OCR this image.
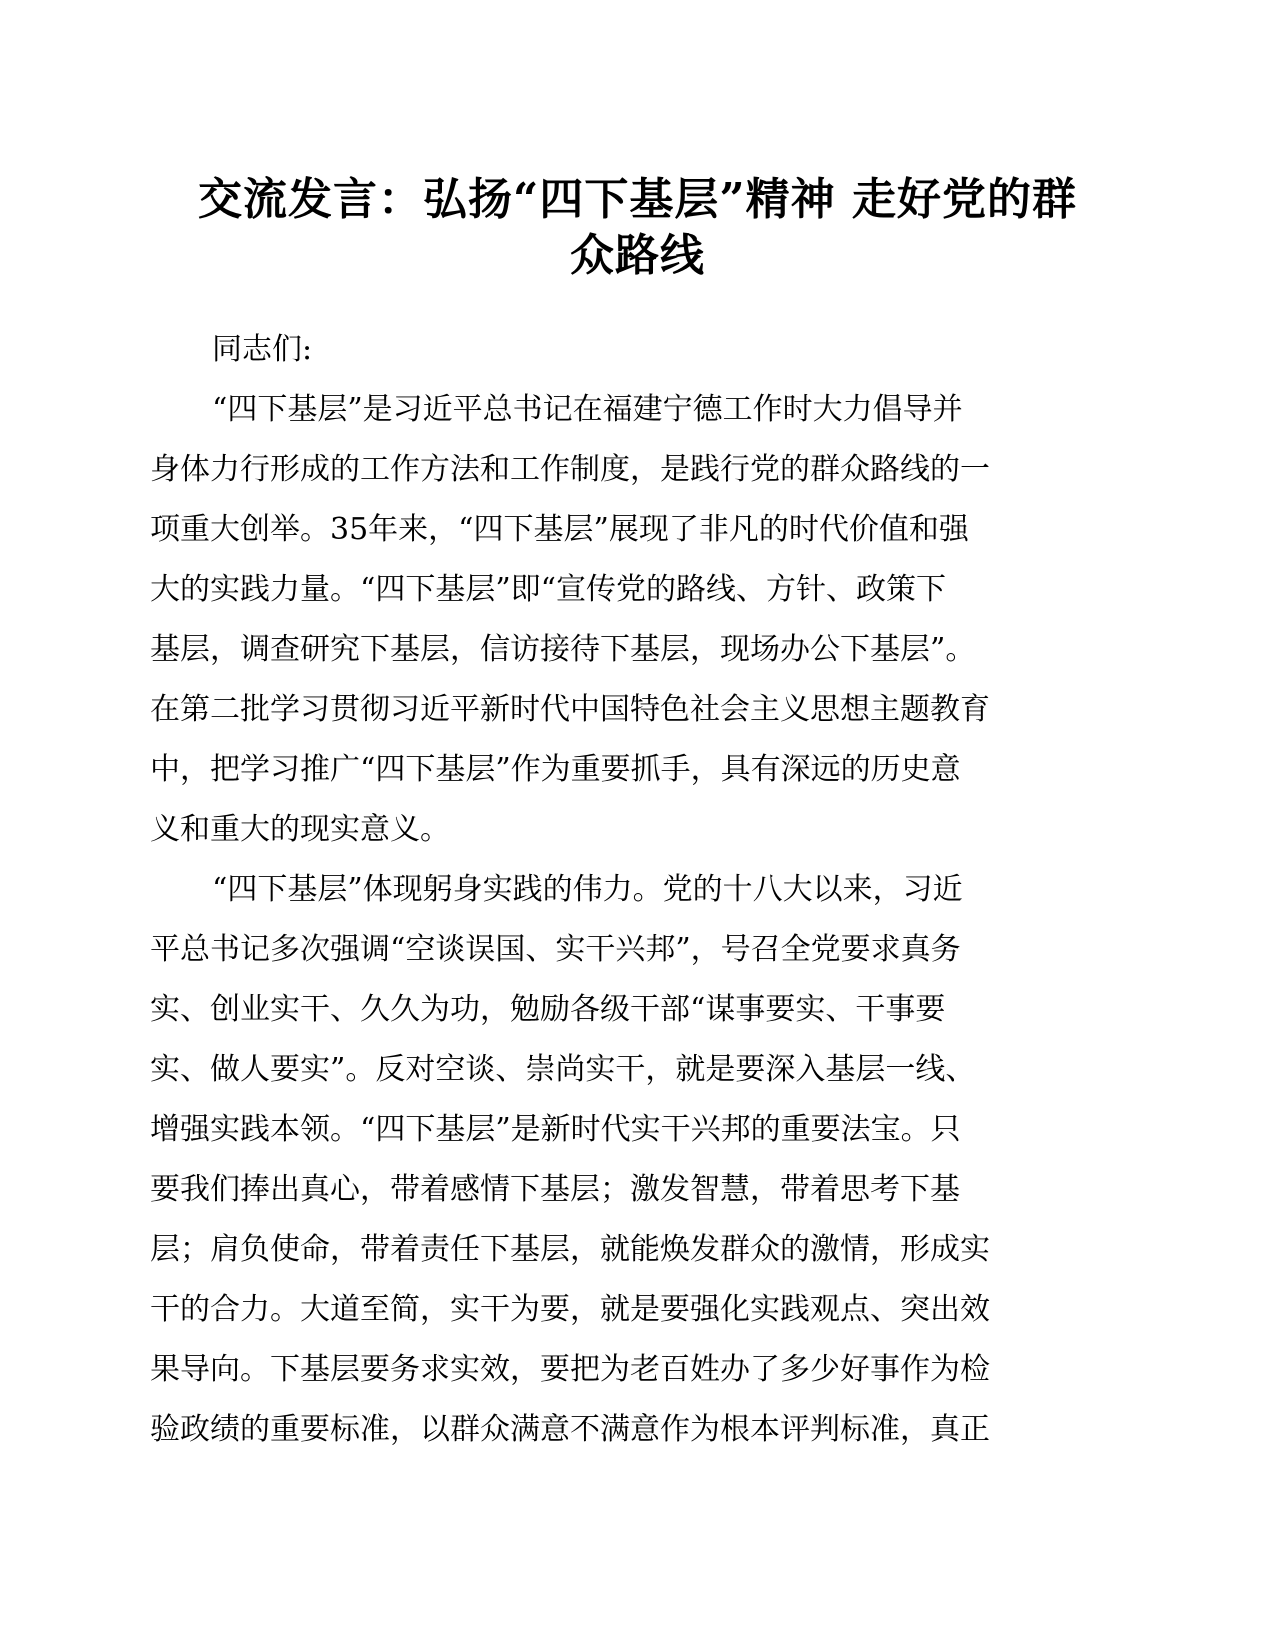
交流发言：弘扬“四下基层”精神 走好党的群
众路线
同志们:
“四下基层”是习近平总书记在福建宁德工作时大力倡导并
身体力行形成的工作方法和工作制度，是践行党的群众路线的一
项重大创举。35年来，“四下基层”展现了非凡的时代价值和强
大的实践力量。“四下基层”即“宣传党的路线、方针、政策下
基层，调查研究下基层，信访接待下基层，现场办公下基层”。
在第二批学习贯彻习近平新时代中国特色社会主义思想主题教育
中，把学习推广“四下基层”作为重要抓手，具有深远的历史意
义和重大的现实意义。
“四下基层”体现躬身实践的伟力。党的十八大以来，习近
平总书记多次强调“空谈误国、实干兴邦”，号召全党要求真务
实、创业实干、久久为功，勉励各级干部“谋事要实、干事要
实、做人要实”。反对空谈、崇尚实干，就是要深入基层一线、
增强实践本领。“四下基层”是新时代实干兴邦的重要法宝。只
要我们捧出真心，带着感情下基层；激发智慧，带着思考下基
层；肩负使命，带着责任下基层，就能焕发群众的激情，形成实
干的合力。大道至简，实干为要，就是要强化实践观点、突出效
果导向。下基层要务求实效，要把为老百姓办了多少好事作为检
验政绩的重要标准，以群众满意不满意作为根本评判标准，真正
